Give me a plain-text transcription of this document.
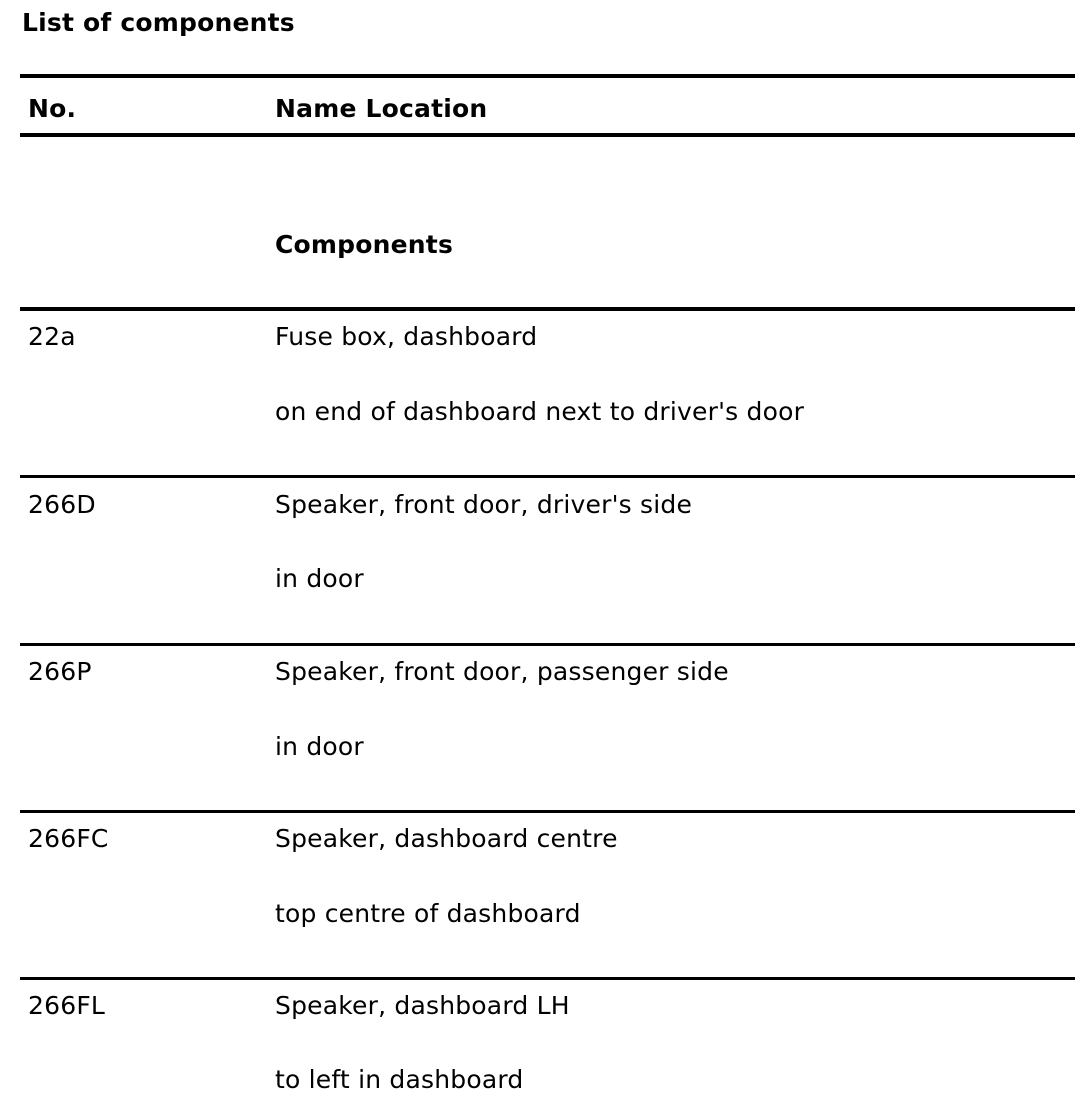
List of components
No.	Name Location
Components
22a	Fuse box, dashboard
on end of dashboard next to driver's door
266D	Speaker, front door, driver's side
in door
266P	Speaker, front door, passenger side
in door
266FC	Speaker, dashboard centre
top centre of dashboard
266FL	Speaker, dashboard LH
to left in dashboard
